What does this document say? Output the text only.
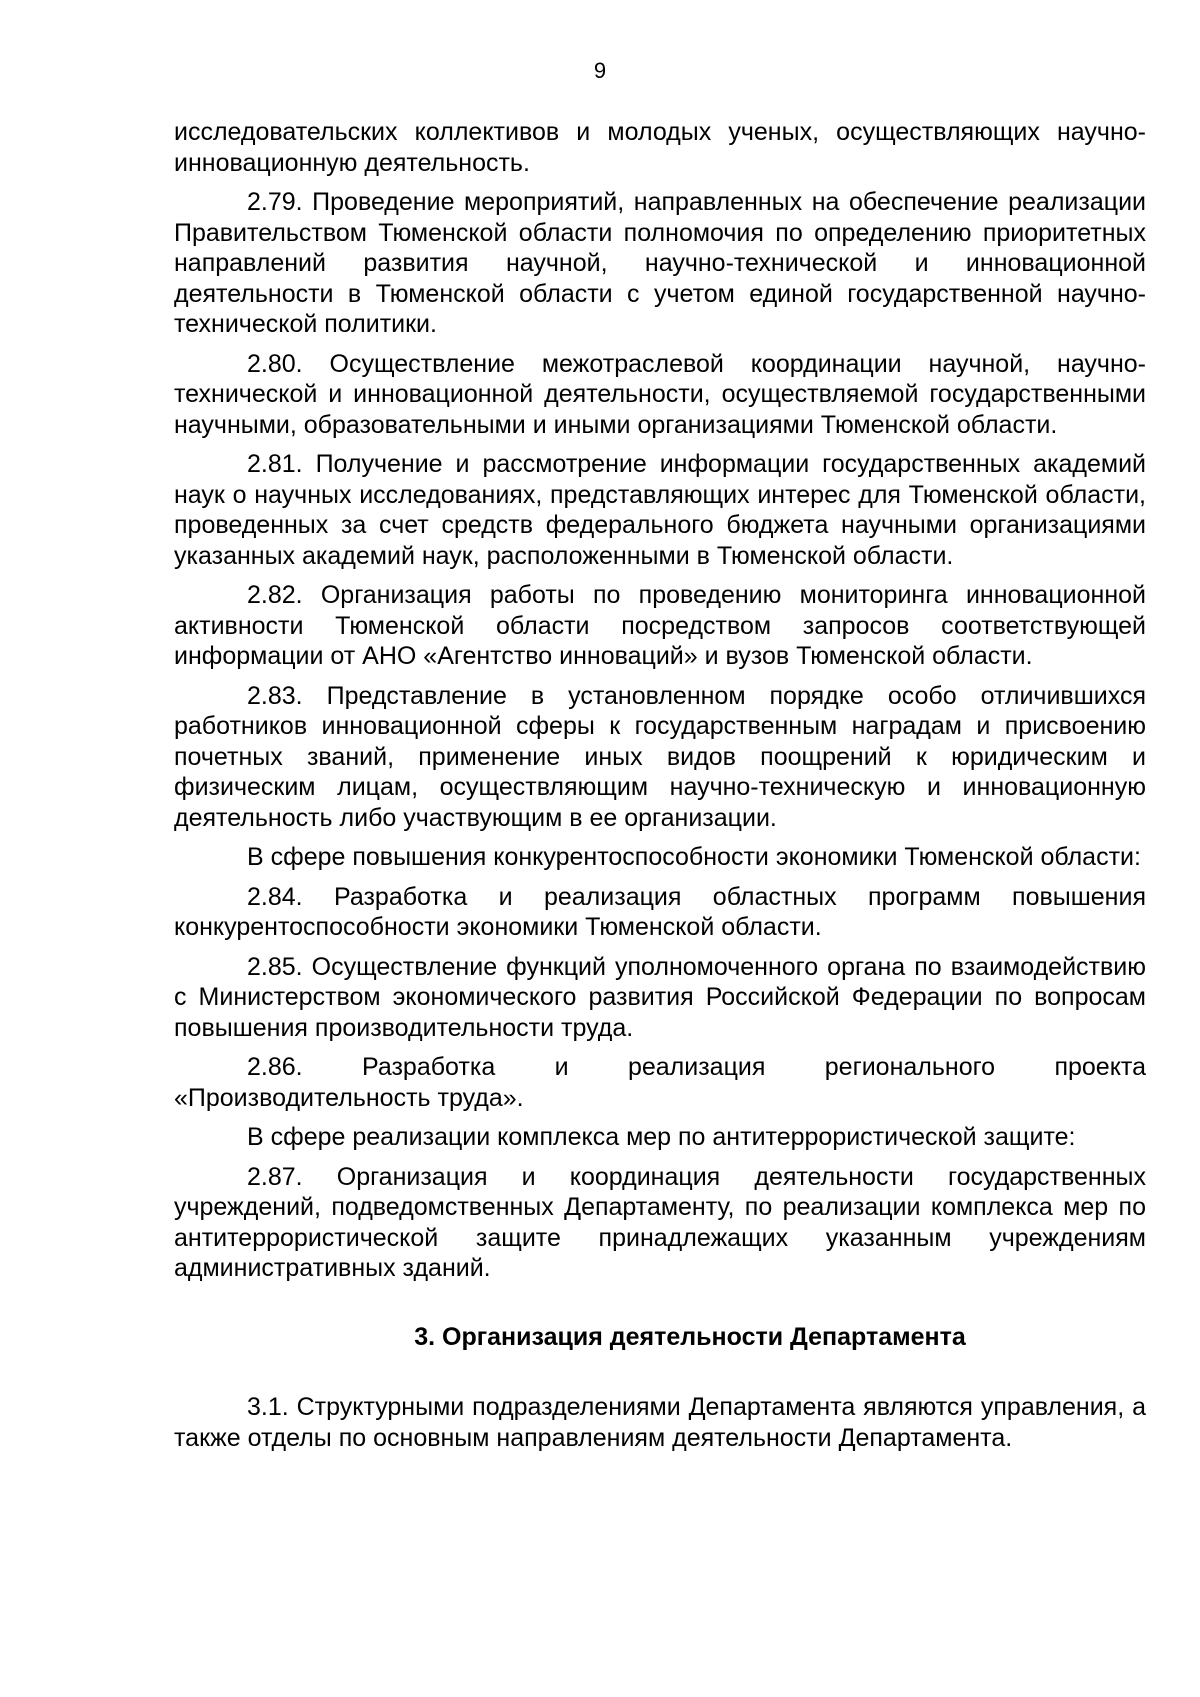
9

исследовательских коллективов и молодых ученых, осуществляющих научно-инновационную деятельность.

2.79. Проведение мероприятий, направленных на обеспечение реализации Правительством Тюменской области полномочия по определению приоритетных направлений развития научной, научно-технической и инновационной деятельности в Тюменской области с учетом единой государственной научно-технической политики.

2.80. Осуществление межотраслевой координации научной, научно-технической и инновационной деятельности, осуществляемой государственными научными, образовательными и иными организациями Тюменской области.

2.81. Получение и рассмотрение информации государственных академий наук о научных исследованиях, представляющих интерес для Тюменской области, проведенных за счет средств федерального бюджета научными организациями указанных академий наук, расположенными в Тюменской области.

2.82. Организация работы по проведению мониторинга инновационной активности Тюменской области посредством запросов соответствующей информации от АНО «Агентство инноваций» и вузов Тюменской области.

2.83. Представление в установленном порядке особо отличившихся работников инновационной сферы к государственным наградам и присвоению почетных званий, применение иных видов поощрений к юридическим и физическим лицам, осуществляющим научно-техническую и инновационную деятельность либо участвующим в ее организации.

В сфере повышения конкурентоспособности экономики Тюменской области:

2.84. Разработка и реализация областных программ повышения конкурентоспособности экономики Тюменской области.

2.85. Осуществление функций уполномоченного органа по взаимодействию с Министерством экономического развития Российской Федерации по вопросам повышения производительности труда.

2.86. Разработка и реализация регионального проекта «Производительность труда».

В сфере реализации комплекса мер по антитеррористической защите:

2.87. Организация и координация деятельности государственных учреждений, подведомственных Департаменту, по реализации комплекса мер по антитеррористической защите принадлежащих указанным учреждениям административных зданий.

3. Организация деятельности Департамента

3.1. Структурными подразделениями Департамента являются управления, а также отделы по основным направлениям деятельности Департамента.
